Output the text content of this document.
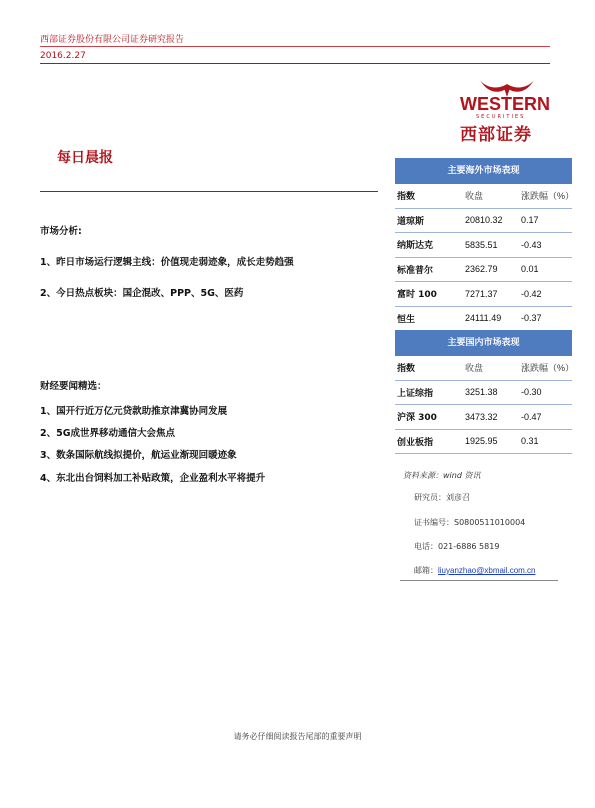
西部证券股份有限公司证券研究报告
2016.2.27
WESTERN
SECURITIES
西部证券
每日晨报
市场分析:
1、昨日市场运行逻辑主线：价值现走弱迹象，成长走势趋强
2、今日热点板块：国企混改、PPP、5G、医药
财经要闻精选：
1、国开行近万亿元贷款助推京津冀协同发展
2、5G成世界移动通信大会焦点
3、数条国际航线拟提价，航运业渐现回暖迹象
4、东北出台饲料加工补贴政策，企业盈利水平将提升
主要海外市场表现
指数	收盘	涨跌幅（%）
道琼斯	20810.32	0.17
纳斯达克	5835.51	-0.43
标准普尔	2362.79	0.01
富时 100	7271.37	-0.42
恒生	24111.49	-0.37
主要国内市场表现
指数	收盘	涨跌幅（%）
上证综指	3251.38	-0.30
沪深 300	3473.32	-0.47
创业板指	1925.95	0.31
资料来源：wind 资讯
研究员：刘彦召
证书编号：S0800511010004
电话：021-6886 5819
邮箱：liuyanzhao@xbmail.com.cn
请务必仔细阅读报告尾部的重要声明
